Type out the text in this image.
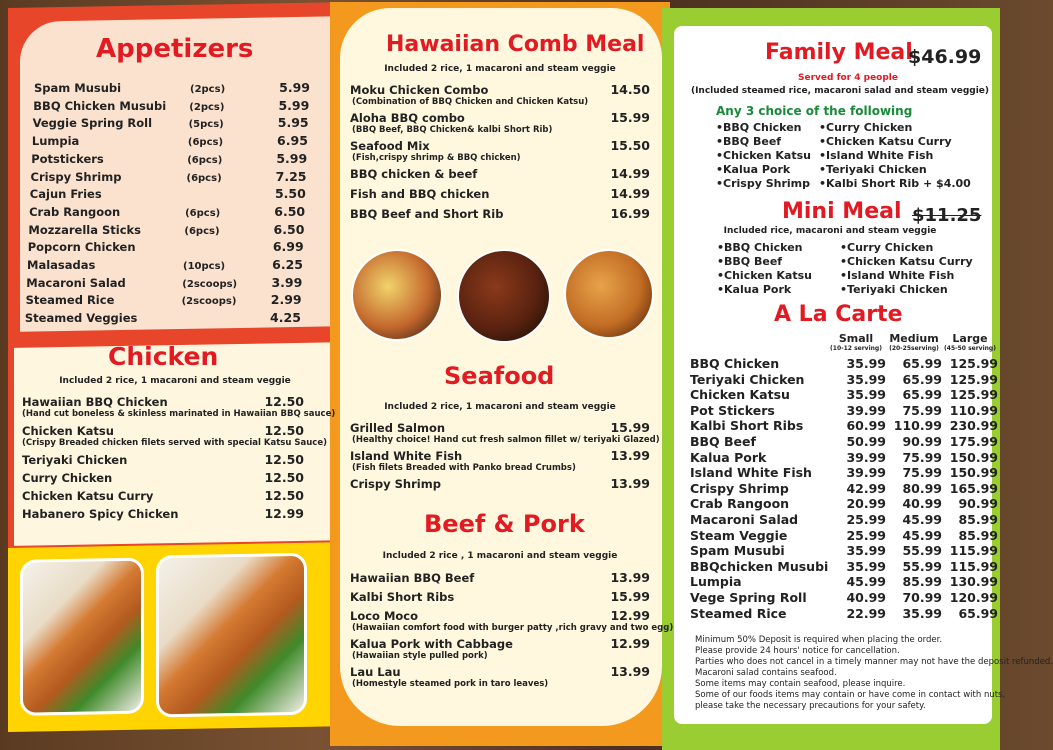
Appetizers
Spam Musubi	(2pcs)	5.99
BBQ Chicken Musubi	(2pcs)	5.99
Veggie Spring Roll	(5pcs)	5.95
Lumpia	(6pcs)	6.95
Potstickers	(6pcs)	5.99
Crispy Shrimp	(6pcs)	7.25
Cajun Fries	5.50
Crab Rangoon	(6pcs)	6.50
Mozzarella Sticks	(6pcs)	6.50
Popcorn Chicken	6.99
Malasadas	(10pcs)	6.25
Macaroni Salad	(2scoops)	3.99
Steamed Rice	(2scoops)	2.99
Steamed Veggies	4.25
Chicken
Included 2 rice, 1 macaroni and steam veggie
Hawaiian BBQ Chicken	12.50
(Hand cut boneless & skinless marinated in Hawaiian BBQ sauce)
Chicken Katsu	12.50
(Crispy Breaded chicken filets served with special Katsu Sauce)
Teriyaki Chicken	12.50
Curry Chicken	12.50
Chicken Katsu Curry	12.50
Habanero Spicy Chicken	12.99
Hawaiian Comb Meal
Included 2 rice, 1 macaroni and steam veggie
Moku Chicken Combo	14.50
(Combination of BBQ Chicken and Chicken Katsu)
Aloha BBQ combo	15.99
(BBQ Beef, BBQ Chicken& kalbi Short Rib)
Seafood Mix	15.50
(Fish,crispy shrimp & BBQ chicken)
BBQ chicken & beef	14.99
Fish and BBQ chicken	14.99
BBQ Beef and Short Rib	16.99
Seafood
Included 2 rice, 1 macaroni and steam veggie
Grilled Salmon	15.99
(Healthy choice! Hand cut fresh salmon fillet w/ teriyaki Glazed)
Island White Fish	13.99
(Fish filets Breaded with Panko bread Crumbs)
Crispy Shrimp	13.99
Beef & Pork
Included 2 rice , 1 macaroni and steam veggie
Hawaiian BBQ Beef	13.99
Kalbi Short Ribs	15.99
Loco Moco	12.99
(Hawaiian comfort food with burger patty ,rich gravy and two egg)
Kalua Pork with Cabbage	12.99
(Hawaiian style pulled pork)
Lau Lau	13.99
(Homestyle steamed pork in taro leaves)
Family Meal
$46.99
Served for 4 people
(Included steamed rice, macaroni salad and steam veggie)
Any 3 choice of the following
• BBQ Chicken
• BBQ Beef
• Chicken Katsu
• Kalua Pork
• Crispy Shrimp
• Curry Chicken
• Chicken Katsu Curry
• Island White Fish
• Teriyaki Chicken
• Kalbi Short Rib + $4.00
Mini Meal $11.25
Included rice, macaroni and steam veggie
• BBQ Chicken
• BBQ Beef
• Chicken Katsu
• Kalua Pork
• Curry Chicken
• Chicken Katsu Curry
• Island White Fish
• Teriyaki Chicken
A La Carte
Small
(10-12 serving)
Medium
(20-25serving)
Large
(45-50 serving)
BBQ Chicken	35.99	65.99 125.99
Teriyaki Chicken	35.99	65.99 125.99
Chicken Katsu	35.99	65.99 125.99
Pot Stickers	39.99	75.99 110.99
Kalbi Short Ribs	60.99 110.99 230.99
BBQ Beef	50.99	90.99 175.99
Kalua Pork	39.99	75.99 150.99
Island White Fish	39.99	75.99 150.99
Crispy Shrimp	42.99	80.99 165.99
Crab Rangoon	20.99	40.99	90.99
Macaroni Salad	25.99	45.99	85.99
Steam Veggie	25.99	45.99	85.99
Spam Musubi	35.99	55.99 115.99
BBQchicken Musubi	35.99	55.99 115.99
Lumpia	45.99	85.99 130.99
Vege Spring Roll	40.99	70.99 120.99
Steamed Rice	22.99	35.99	65.99
Minimum 50% Deposit is required when placing the order.
Please provide 24 hours' notice for cancellation.
Parties who does not cancel in a timely manner may not have the deposit refunded.
Macaroni salad contains seafood.
Some items may contain seafood, please inquire.
Some of our foods items may contain or have come in contact with nuts,
please take the necessary precautions for your safety.
